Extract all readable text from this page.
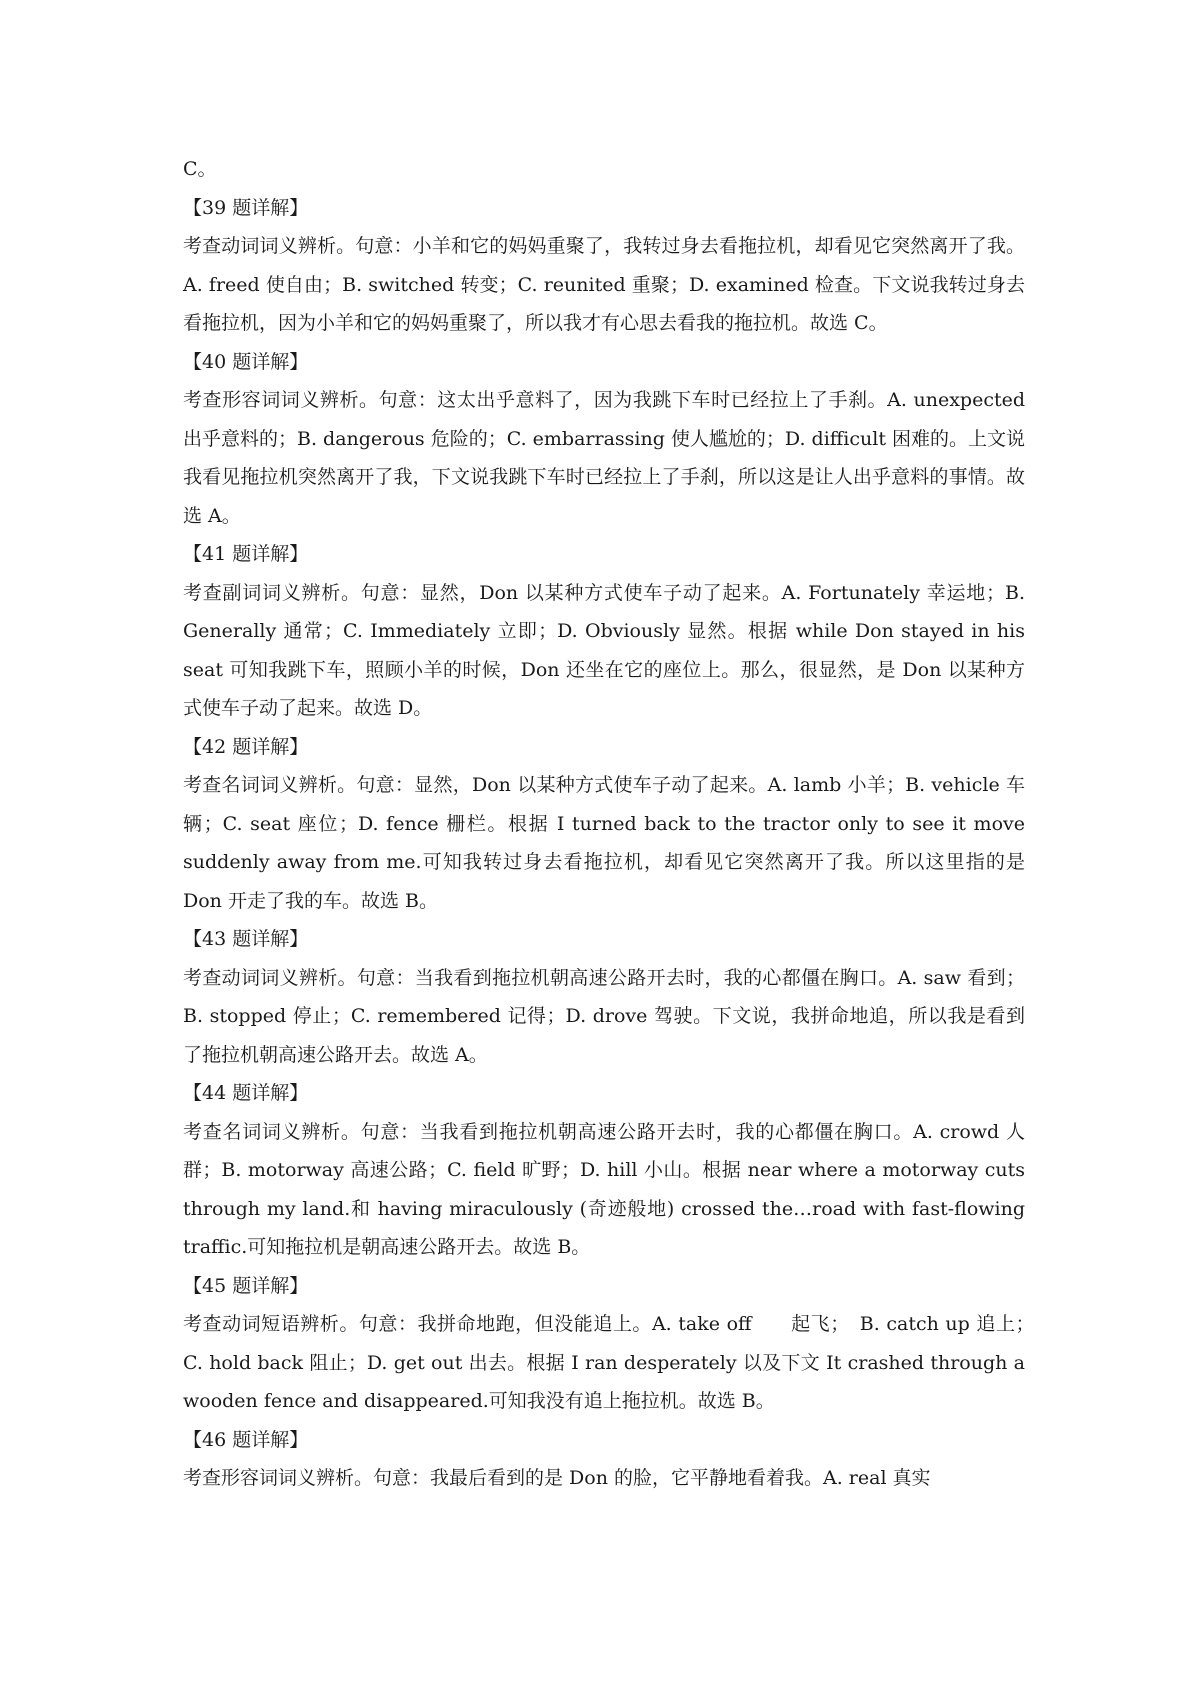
C。

【39 题详解】

考查动词词义辨析。句意：小羊和它的妈妈重聚了，我转过身去看拖拉机，却看见它突然离开了我。A. freed 使自由；B. switched 转变；C. reunited 重聚；D. examined 检查。下文说我转过身去看拖拉机，因为小羊和它的妈妈重聚了，所以我才有心思去看我的拖拉机。故选 C。

【40 题详解】

考查形容词词义辨析。句意：这太出乎意料了，因为我跳下车时已经拉上了手刹。A. unexpected 出乎意料的；B. dangerous 危险的；C. embarrassing 使人尴尬的；D. difficult 困难的。上文说我看见拖拉机突然离开了我，下文说我跳下车时已经拉上了手刹，所以这是让人出乎意料的事情。故选 A。

【41 题详解】

考查副词词义辨析。句意：显然，Don 以某种方式使车子动了起来。A. Fortunately 幸运地；B. Generally 通常；C. Immediately 立即；D. Obviously 显然。根据 while Don stayed in his seat 可知我跳下车，照顾小羊的时候，Don 还坐在它的座位上。那么，很显然，是 Don 以某种方式使车子动了起来。故选 D。

【42 题详解】

考查名词词义辨析。句意：显然，Don 以某种方式使车子动了起来。A. lamb 小羊；B. vehicle 车辆；C. seat 座位；D. fence 栅栏。根据 I turned back to the tractor only to see it move suddenly away from me.可知我转过身去看拖拉机，却看见它突然离开了我。所以这里指的是 Don 开走了我的车。故选 B。

【43 题详解】

考查动词词义辨析。句意：当我看到拖拉机朝高速公路开去时，我的心都僵在胸口。A. saw 看到；B. stopped 停止；C. remembered 记得；D. drove 驾驶。下文说，我拼命地追，所以我是看到了拖拉机朝高速公路开去。故选 A。

【44 题详解】

考查名词词义辨析。句意：当我看到拖拉机朝高速公路开去时，我的心都僵在胸口。A. crowd 人群；B. motorway 高速公路；C. field 旷野；D. hill 小山。根据 near where a motorway cuts through my land.和 having miraculously (奇迹般地) crossed the…road with fast-flowing traffic.可知拖拉机是朝高速公路开去。故选 B。

【45 题详解】

考查动词短语辨析。句意：我拼命地跑，但没能追上。A. take off　　起飞；　B. catch up 追上；　　C. hold back 阻止；D. get out 出去。根据 I ran desperately 以及下文 It crashed through a wooden fence and disappeared.可知我没有追上拖拉机。故选 B。

【46 题详解】

考查形容词词义辨析。句意：我最后看到的是 Don 的脸，它平静地看着我。A. real 真实
